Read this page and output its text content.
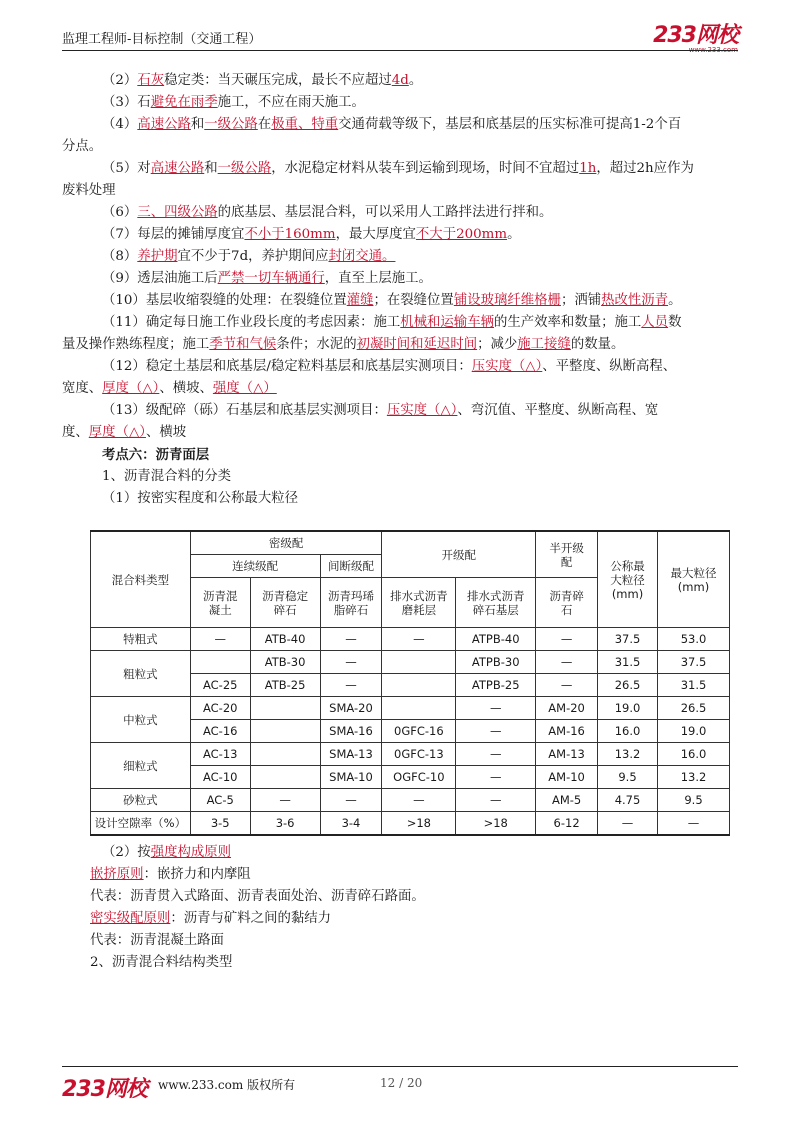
监理工程师-目标控制（交通工程）	233网校
www.233.com

（2）石灰稳定类：当天碾压完成，最长不应超过4d。

（3）石避免在雨季施工，不应在雨天施工。

（4）高速公路和一级公路在极重、特重交通荷载等级下，基层和底基层的压实标准可提高1-2个百

分点。

（5）对高速公路和一级公路，水泥稳定材料从装车到运输到现场，时间不宜超过1h，超过2h应作为

废料处理

（6）三、四级公路的底基层、基层混合料，可以采用人工路拌法进行拌和。

（7）每层的摊铺厚度宜不小于160mm，最大厚度宜不大于200mm。

（8）养护期宜不少于7d，养护期间应封闭交通。

（9）透层油施工后严禁一切车辆通行，直至上层施工。

（10）基层收缩裂缝的处理：在裂缝位置灌缝；在裂缝位置铺设玻璃纤维格栅；洒铺热改性沥青。

（11）确定每日施工作业段长度的考虑因素：施工机械和运输车辆的生产效率和数量；施工人员数

量及操作熟练程度；施工季节和气候条件；水泥的初凝时间和延迟时间；减少施工接缝的数量。

（12）稳定土基层和底基层/稳定粒料基层和底基层实测项目：压实度（△）、平整度、纵断高程、

宽度、厚度（△）、横坡、强度（△）

（13）级配碎（砾）石基层和底基层实测项目：压实度（△）、弯沉值、平整度、纵断高程、宽

度、厚度（△）、横坡

考点六：沥青面层

1、沥青混合料的分类

（1）按密实程度和公称最大粒径

混合料类型	密级配			开级配		半开级配	公称最大粒径(mm)	最大粒径(mm)
	连续级配		间断级配					
	沥青混凝土	沥青稳定碎石	沥青玛琋脂碎石	排水式沥青磨耗层	排水式沥青碎石基层	沥青碎石		
特粗式	—	ATB-40	—	—	ATPB-40	—	37.5	53.0
粗粒式		ATB-30	—		ATPB-30	—	31.5	37.5
	AC-25	ATB-25	—		ATPB-25	—	26.5	31.5
中粒式	AC-20		SMA-20		—	AM-20	19.0	26.5
	AC-16		SMA-16	0GFC-16	—	AM-16	16.0	19.0
细粒式	AC-13		SMA-13	0GFC-13	—	AM-13	13.2	16.0
	AC-10		SMA-10	OGFC-10	—	AM-10	9.5	13.2
砂粒式	AC-5	—	—	—	—	AM-5	4.75	9.5
设计空隙率（%）	3-5	3-6	3-4	>18	>18	6-12	—	—

（2）按强度构成原则

嵌挤原则：嵌挤力和内摩阻

代表：沥青贯入式路面、沥青表面处治、沥青碎石路面。

密实级配原则：沥青与矿料之间的黏结力

代表：沥青混凝土路面

2、沥青混合料结构类型

233网校 www.233.com 版权所有	12 / 20
